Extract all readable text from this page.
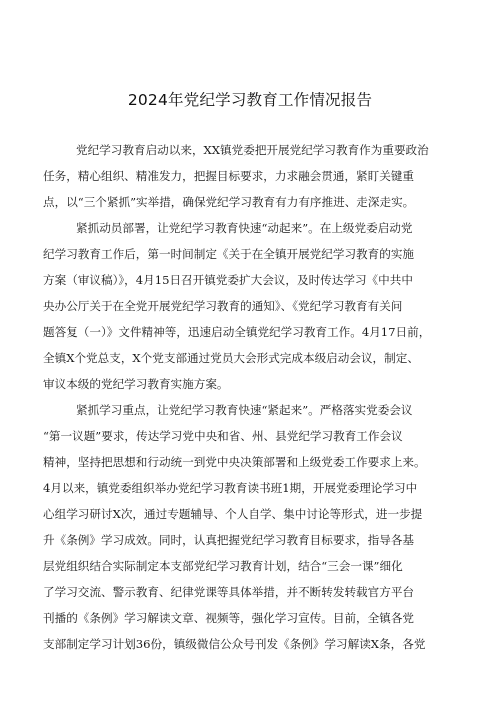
2024年党纪学习教育工作情况报告
党纪学习教育启动以来，XX镇党委把开展党纪学习教育作为重要政治
任务，精心组织、精准发力，把握目标要求，力求融会贯通，紧盯关键重
点，以“三个紧抓”实举措，确保党纪学习教育有力有序推进、走深走实。
紧抓动员部署，让党纪学习教育快速“动起来”。在上级党委启动党
纪学习教育工作后，第一时间制定《关于在全镇开展党纪学习教育的实施
方案（审议稿）》，4月15日召开镇党委扩大会议，及时传达学习《中共中
央办公厅关于在全党开展党纪学习教育的通知》、《党纪学习教育有关问
题答复（一）》文件精神等，迅速启动全镇党纪学习教育工作。4月17日前，
全镇X个党总支，X个党支部通过党员大会形式完成本级启动会议，制定、
审议本级的党纪学习教育实施方案。
紧抓学习重点，让党纪学习教育快速“紧起来”。严格落实党委会议
“第一议题”要求，传达学习党中央和省、州、县党纪学习教育工作会议
精神，坚持把思想和行动统一到党中央决策部署和上级党委工作要求上来。
4月以来，镇党委组织举办党纪学习教育读书班1期，开展党委理论学习中
心组学习研讨X次，通过专题辅导、个人自学、集中讨论等形式，进一步提
升《条例》学习成效。同时，认真把握党纪学习教育目标要求，指导各基
层党组织结合实际制定本支部党纪学习教育计划，结合“三会一课”细化
了学习交流、警示教育、纪律党课等具体举措，并不断转发转载官方平台
刊播的《条例》学习解读文章、视频等，强化学习宣传。目前，全镇各党
支部制定学习计划36份，镇级微信公众号刊发《条例》学习解读X条，各党
